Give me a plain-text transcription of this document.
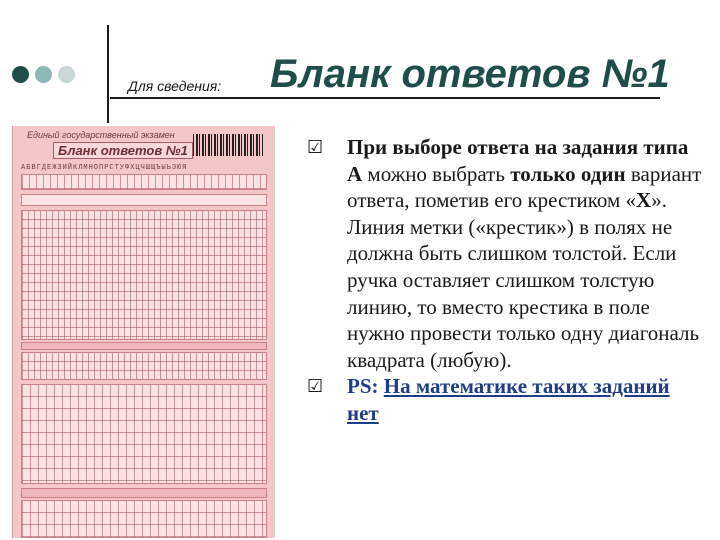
Для сведения: Бланк ответов №1
Единый государственный экзамен
Бланк ответов №1
АБВГДЕЖЗИЙКЛМНОПРСТУФХЦЧШЩЪЫЬЭЮЯ
☑ При выборе ответа на задания типа А можно выбрать только один вариант ответа, пометив его крестиком «Х». Линия метки («крестик») в полях не должна быть слишком толстой. Если ручка оставляет слишком толстую линию, то вместо крестика в поле нужно провести только одну диагональ квадрата (любую).
☑ PS: На математике таких заданий нет
